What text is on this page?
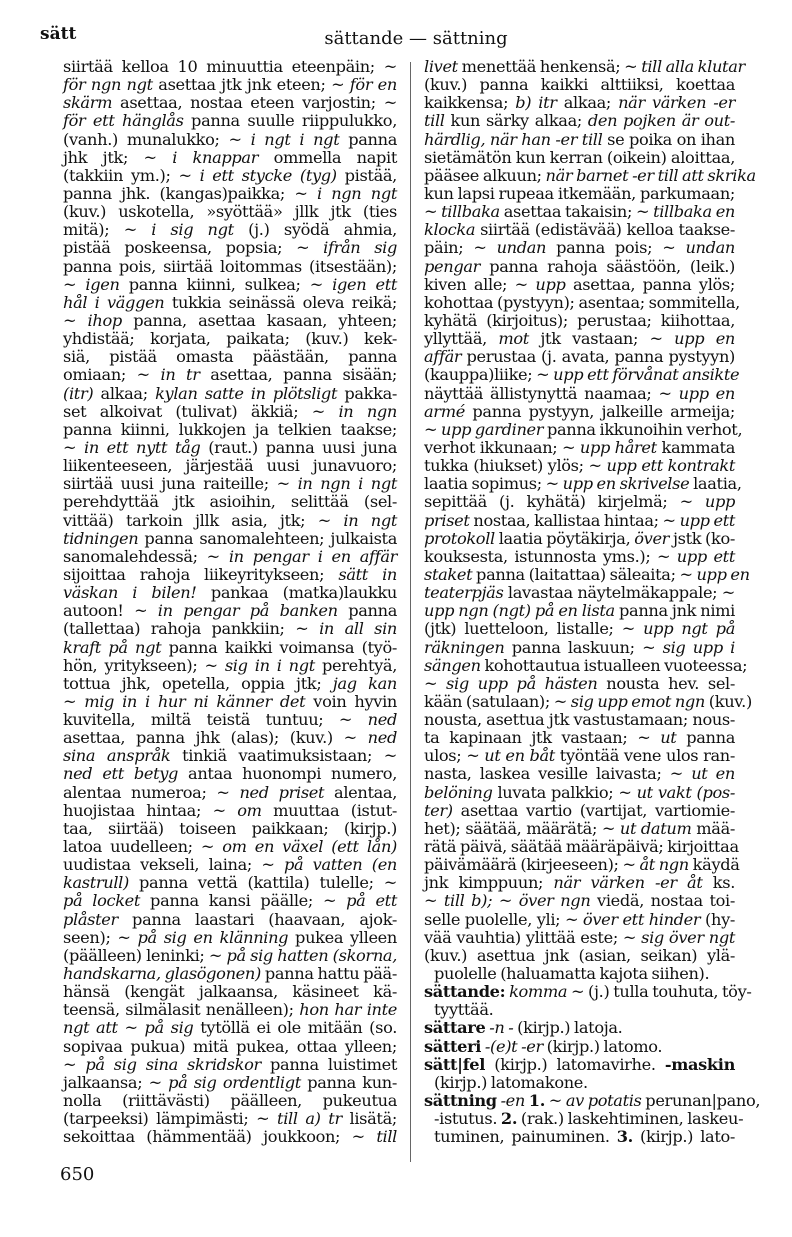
sätt	sättande — sättning
siirtää kelloa 10 minuuttia eteenpäin; ~
för ngn ngt asettaa jtk jnk eteen; ~ för en
skärm asettaa, nostaa eteen varjostin; ~
för ett hänglås panna suulle riippulukko,
(vanh.) munalukko; ~ i ngt i ngt panna
jhk jtk; ~ i knappar ommella napit
(takkiin ym.); ~ i ett stycke (tyg) pistää,
panna jhk. (kangas)paikka; ~ i ngn ngt
(kuv.) uskotella, »syöttää» jllk jtk (ties
mitä); ~ i sig ngt (j.) syödä ahmia,
pistää poskeensa, popsia; ~ ifrån sig
panna pois, siirtää loitommas (itsestään);
~ igen panna kiinni, sulkea; ~ igen ett
hål i väggen tukkia seinässä oleva reikä;
~ ihop panna, asettaa kasaan, yhteen;
yhdistää; korjata, paikata; (kuv.) kek-
siä, pistää omasta päästään, panna
omiaan; ~ in tr asettaa, panna sisään;
(itr) alkaa; kylan satte in plötsligt pakka-
set alkoivat (tulivat) äkkiä; ~ in ngn
panna kiinni, lukkojen ja telkien taakse;
~ in ett nytt tåg (raut.) panna uusi juna
liikenteeseen, järjestää uusi junavuoro;
siirtää uusi juna raiteille; ~ in ngn i ngt
perehdyttää jtk asioihin, selittää (sel-
vittää) tarkoin jllk asia, jtk; ~ in ngt
tidningen panna sanomalehteen; julkaista
sanomalehdessä; ~ in pengar i en affär
sijoittaa rahoja liikeyritykseen; sätt in
väskan i bilen! pankaa (matka)laukku
autoon! ~ in pengar på banken panna
(tallettaa) rahoja pankkiin; ~ in all sin
kraft på ngt panna kaikki voimansa (työ-
hön, yritykseen); ~ sig in i ngt perehtyä,
tottua jhk, opetella, oppia jtk; jag kan
~ mig in i hur ni känner det voin hyvin
kuvitella, miltä teistä tuntuu; ~ ned
asettaa, panna jhk (alas); (kuv.) ~ ned
sina anspråk tinkiä vaatimuksistaan; ~
ned ett betyg antaa huonompi numero,
alentaa numeroa; ~ ned priset alentaa,
huojistaa hintaa; ~ om muuttaa (istut-
taa, siirtää) toiseen paikkaan; (kirjp.)
latoa uudelleen; ~ om en växel (ett lån)
uudistaa vekseli, laina; ~ på vatten (en
kastrull) panna vettä (kattila) tulelle; ~
på locket panna kansi päälle; ~ på ett
plåster panna laastari (haavaan, ajok-
seen); ~ på sig en klänning pukea ylleen
(päälleen) leninki; ~ på sig hatten (skorna,
handskarna, glasögonen) panna hattu pää-
hänsä (kengät jalkaansa, käsineet kä-
teensä, silmälasit nenälleen); hon har inte
ngt att ~ på sig tytöllä ei ole mitään (so.
sopivaa pukua) mitä pukea, ottaa ylleen;
~ på sig sina skridskor panna luistimet
jalkaansa; ~ på sig ordentligt panna kun-
nolla (riittävästi) päälleen, pukeutua
(tarpeeksi) lämpimästi; ~ till a) tr lisätä;
sekoittaa (hämmentää) joukkoon; ~ till
livet menettää henkensä; ~ till alla klutar
(kuv.) panna kaikki alttiiksi, koettaa
kaikkensa; b) itr alkaa; när värken -er
till kun särky alkaa; den pojken är out-
härdlig, när han -er till se poika on ihan
sietämätön kun kerran (oikein) aloittaa,
pääsee alkuun; när barnet -er till att skrika
kun lapsi rupeaa itkemään, parkumaan;
~ tillbaka asettaa takaisin; ~ tillbaka en
klocka siirtää (edistävää) kelloa taakse-
päin; ~ undan panna pois; ~ undan
pengar panna rahoja säästöön, (leik.)
kiven alle; ~ upp asettaa, panna ylös;
kohottaa (pystyyn); asentaa; sommitella,
kyhätä (kirjoitus); perustaa; kiihottaa,
yllyttää, mot jtk vastaan; ~ upp en
affär perustaa (j. avata, panna pystyyn)
(kauppa)liike; ~ upp ett förvånat ansikte
näyttää ällistynyttä naamaa; ~ upp en
armé panna pystyyn, jalkeille armeija;
~ upp gardiner panna ikkunoihin verhot,
verhot ikkunaan; ~ upp håret kammata
tukka (hiukset) ylös; ~ upp ett kontrakt
laatia sopimus; ~ upp en skrivelse laatia,
sepittää (j. kyhätä) kirjelmä; ~ upp
priset nostaa, kallistaa hintaa; ~ upp ett
protokoll laatia pöytäkirja, över jstk (ko-
kouksesta, istunnosta yms.); ~ upp ett
staket panna (laitattaa) säleaita; ~ upp en
teaterpjäs lavastaa näytelmäkappale; ~
upp ngn (ngt) på en lista panna jnk nimi
(jtk) luetteloon, listalle; ~ upp ngt på
räkningen panna laskuun; ~ sig upp i
sängen kohottautua istualleen vuoteessa;
~ sig upp på hästen nousta hev. sel-
kään (satulaan); ~ sig upp emot ngn (kuv.)
nousta, asettua jtk vastustamaan; nous-
ta kapinaan jtk vastaan; ~ ut panna
ulos; ~ ut en båt työntää vene ulos ran-
nasta, laskea vesille laivasta; ~ ut en
belöning luvata palkkio; ~ ut vakt (pos-
ter) asettaa vartio (vartijat, vartiomie-
het); säätää, määrätä; ~ ut datum mää-
rätä päivä, säätää määräpäivä; kirjoittaa
päivämäärä (kirjeeseen); ~ åt ngn käydä
jnk kimppuun; när värken -er åt ks.
~ till b); ~ över ngn viedä, nostaa toi-
selle puolelle, yli; ~ över ett hinder (hy-
vää vauhtia) ylittää este; ~ sig över ngt
(kuv.) asettua jnk (asian, seikan) ylä-
puolelle (haluamatta kajota siihen).
sättande: komma ~ (j.) tulla touhuta, töy-
tyyttää.
sättare -n - (kirjp.) latoja.
sätteri -(e)t -er (kirjp.) latomo.
sätt|fel (kirjp.) latomavirhe. -maskin
(kirjp.) latomakone.
sättning -en 1. ~ av potatis perunan|pano,
-istutus. 2. (rak.) laskehtiminen, laskeu-
tuminen, painuminen. 3. (kirjp.) lato-
650
